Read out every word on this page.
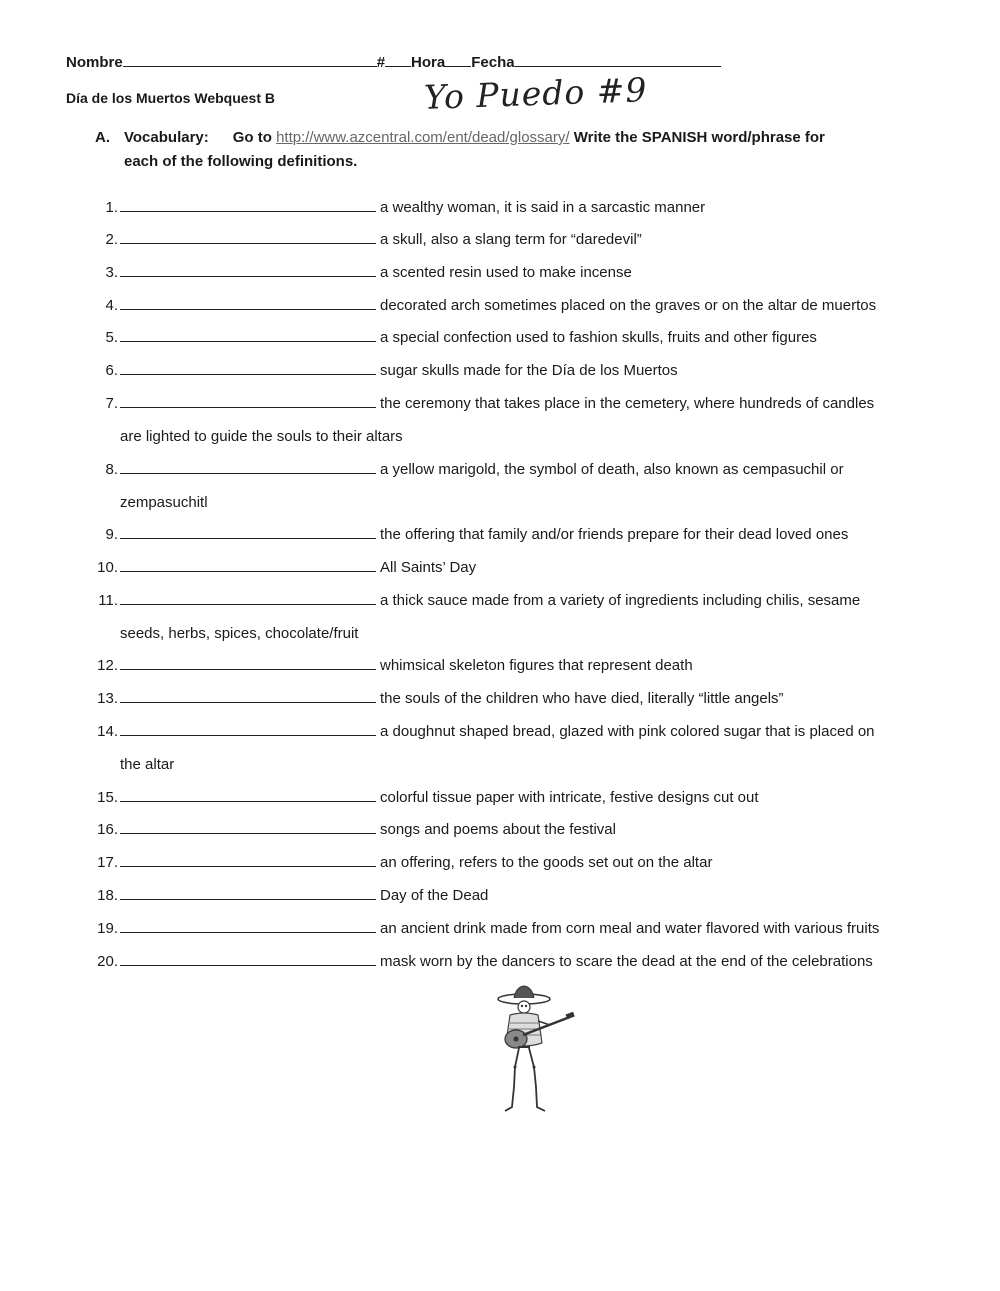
Nombre	# Hora Fecha
Día de los Muertos Webquest B	Yo Puedo #9
A. Vocabulary: Go to http://www.azcentral.com/ent/dead/glossary/ Write the SPANISH word/phrase for
each of the following definitions.
1.	a wealthy woman, it is said in a sarcastic manner
2.	a skull, also a slang term for “daredevil”
3.	a scented resin used to make incense
4.	decorated arch sometimes placed on the graves or on the altar de muertos
5.	a special confection used to fashion skulls, fruits and other figures
6.	sugar skulls made for the Día de los Muertos
7.	the ceremony that takes place in the cemetery, where hundreds of candles
are lighted to guide the souls to their altars
8.	a yellow marigold, the symbol of death, also known as cempasuchil or
zempasuchitl
9.	the offering that family and/or friends prepare for their dead loved ones
10.	All Saints’ Day
11.	a thick sauce made from a variety of ingredients including chilis, sesame
seeds, herbs, spices, chocolate/fruit
12.	whimsical skeleton figures that represent death
13.	the souls of the children who have died, literally “little angels”
14.	a doughnut shaped bread, glazed with pink colored sugar that is placed on
the altar
15.	colorful tissue paper with intricate, festive designs cut out
16.	songs and poems about the festival
17.	an offering, refers to the goods set out on the altar
18.	Day of the Dead
19.	an ancient drink made from corn meal and water flavored with various fruits
20.	mask worn by the dancers to scare the dead at the end of the celebrations
